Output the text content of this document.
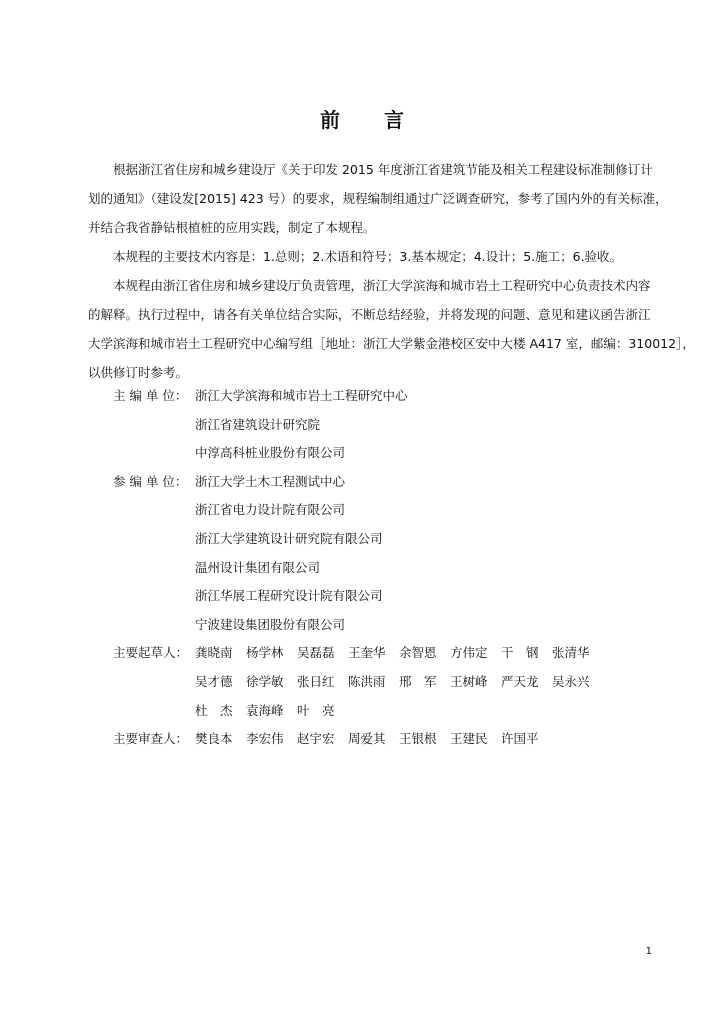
前 言
根据浙江省住房和城乡建设厅《关于印发 2015 年度浙江省建筑节能及相关工程建设标准制修订计
划的通知》（建设发[2015] 423 号）的要求，规程编制组通过广泛调查研究，参考了国内外的有关标准，
并结合我省静钻根植桩的应用实践，制定了本规程。
本规程的主要技术内容是：1.总则；2.术语和符号；3.基本规定；4.设计；5.施工；6.验收。
本规程由浙江省住房和城乡建设厅负责管理，浙江大学滨海和城市岩土工程研究中心负责技术内容
的解释。执行过程中，请各有关单位结合实际，不断总结经验，并将发现的问题、意见和建议函告浙江
大学滨海和城市岩土工程研究中心编写组［地址：浙江大学紫金港校区安中大楼 A417 室，邮编：310012］，
以供修订时参考。
主 编 单 位： 浙江大学滨海和城市岩土工程研究中心
浙江省建筑设计研究院
中淳高科桩业股份有限公司
参 编 单 位： 浙江大学土木工程测试中心
浙江省电力设计院有限公司
浙江大学建筑设计研究院有限公司
温州设计集团有限公司
浙江华展工程研究设计院有限公司
宁波建设集团股份有限公司
主要起草人： 龚晓南	杨学林	吴磊磊	王奎华	余智恩	方伟定	干　钢	张清华
吴才德	徐学敏	张日红	陈洪雨	邢　军	王树峰	严天龙	吴永兴
杜　杰	袁海峰	叶　亮
主要审查人： 樊良本	李宏伟	赵宇宏	周爱其	王银根	王建民	许国平
1
